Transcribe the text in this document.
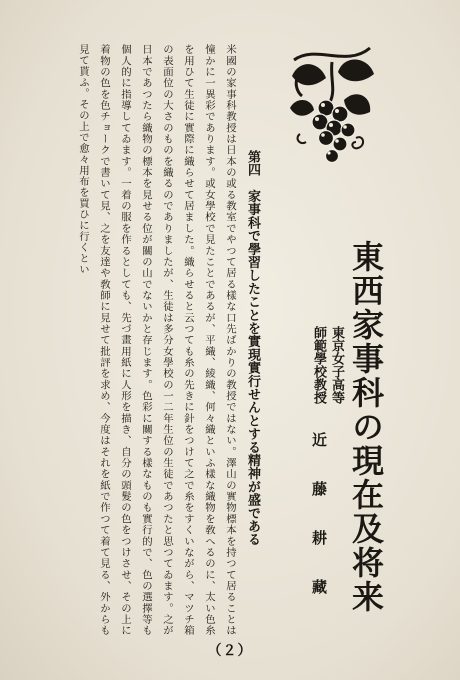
東西家事科の現在及将来
東京女子高等
師範學校教授
近藤耕藏
第四　家事科で學習したことを實現實行せんとする精神が盛である

米國の家事科教授は日本の或る教室でやつて居る樣な口先ばかりの教授ではない。澤山の實物標本を持つて居ることは憧かに一異彩であります。或女學校で見たことであるが、平織、綾織、何々織といふ樣な織物を敎へるのに、太い色糸を用ひて生徒に實際に織らせて居ました。織らせると云つても糸の先きに針をつけて之で糸をすくいながら、マツチ箱の表面位の大さのものを織るのでありましたが、生徒は多分女學校の一二年生位の生徒であつたと思つてゐます。之が日本であつたら織物の標本を見せる位が關の山でないかと存じます。色彩に關する樣なものも實行的で、色の選擇等も個人的に指導してゐます。一着の服を作るとしても、先づ畫用紙に人形を描き、自分の頭髮の色をつけさせ、その上に着物の色を色チョークで書いて見、之を友達や敎師に見せて批評を求め、今度はそれを紙で作つて着て見る、外からも見て貰ふ。その上で愈々用布を買ひに行くとい

（２）
